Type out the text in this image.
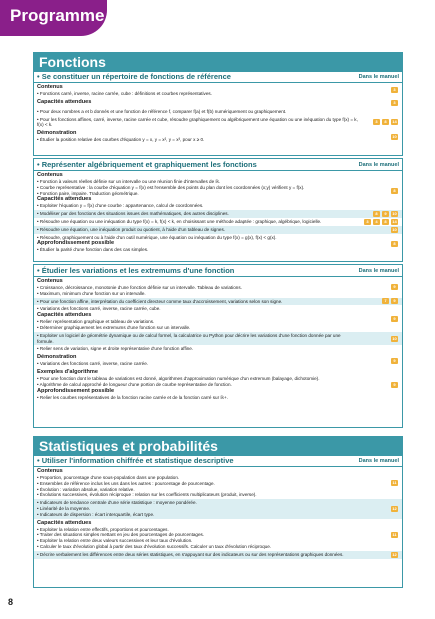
Programme
Fonctions
• Se constituer un répertoire de fonctions de référence	Dans le manuel
Contenus
• Fonctions carré, inverse, racine carrée, cube : définitions et courbes représentatives.
3
Capacités attendues	3
• Pour deux nombres a et b donnés et une fonction de référence f, comparer f(a) et f(b) numériquement ou graphiquement.
• Pour les fonctions affines, carré, inverse, racine carrée et cube, résoudre graphiquement ou algébriquement une équation ou une inéquation du type f(x) = k, f(x) < k.
3	8	14
Démonstration
• Étudier la position relative des courbes d'équation y = x, y = x², y = x³, pour x ≥ 0.
10
• Représenter algébriquement et graphiquement les fonctions	Dans le manuel
Contenus
• Fonction à valeurs réelles définie sur un intervalle ou une réunion finie d'intervalles de ℝ.
• Courbe représentative : la courbe d'équation y = f(x) est l'ensemble des points du plan dont les coordonnées (x;y) vérifient y = f(x).
• Fonction paire, impaire. Traduction géométrique.
Capacités attendues
• Exploiter l'équation y = f(x) d'une courbe : appartenance, calcul de coordonnées.
8
• Modéliser par des fonctions des situations issues des mathématiques, des autres disciplines.	8	9	10
• Résoudre une équation ou une inéquation du type f(x) = k, f(x) < k, en choisissant une méthode adaptée : graphique, algébrique, logicielle.	3	4	8	14
• Résoudre une équation, une inéquation produit ou quotient, à l'aide d'un tableau de signes.	10
• Résoudre, graphiquement ou à l'aide d'un outil numérique, une équation ou inéquation du type f(x) = g(x), f(x) < g(x).
Approfondissement possible
• Étudier la parité d'une fonction dans des cas simples.
8
• Étudier les variations et les extremums d'une fonction	Dans le manuel
Contenus
• Croissance, décroissance, monotonie d'une fonction définie sur un intervalle. Tableau de variations.
• Maximum, minimum d'une fonction sur un intervalle.
9
• Pour une fonction affine, interprétation du coefficient directeur comme taux d'accroissement, variations selon son signe.	7	9
• Variations des fonctions carré, inverse, racine carrée, cube.
Capacités attendues
• Relier représentation graphique et tableau de variations.
• Déterminer graphiquement les extremums d'une fonction sur un intervalle.
9
• Exploiter un logiciel de géométrie dynamique ou de calcul formel, la calculatrice ou Python pour décrire les variations d'une fonction donnée par une formule.
10
• Relier sens de variation, signe et droite représentative d'une fonction affine.
Démonstration
• Variations des fonctions carré, inverse, racine carrée.
9
Exemples d'algorithme
• Pour une fonction dont le tableau de variations est donné, algorithmes d'approximation numérique d'un extremum (balayage, dichotomie).
• Algorithme de calcul approché de longueur d'une portion de courbe représentative de fonction.
Approfondissement possible
• Relier les courbes représentatives de la fonction racine carrée et de la fonction carré sur ℝ+.
9
Statistiques et probabilités
• Utiliser l'information chiffrée et statistique descriptive	Dans le manuel
Contenus
• Proportion, pourcentage d'une sous-population dans une population.
• Ensembles de référence inclus les uns dans les autres : pourcentage de pourcentage.
• Évolution : variation absolue, variation relative.
• Évolutions successives, évolution réciproque : relation sur les coefficients multiplicateurs (produit, inverse).
11
• Indicateurs de tendance centrale d'une série statistique : moyenne pondérée.
• Linéarité de la moyenne.
• Indicateurs de dispersion : écart interquartile, écart type.
12
Capacités attendues
• Exploiter la relation entre effectifs, proportions et pourcentages.
• Traiter des situations simples mettant en jeu des pourcentages de pourcentages.
• Exploiter la relation entre deux valeurs successives et leur taux d'évolution.
• Calculer le taux d'évolution global à partir des taux d'évolution successifs. Calculer un taux d'évolution réciproque.
11
• Décrire verbalement les différences entre deux séries statistiques, en s'appuyant sur des indicateurs ou sur des représentations graphiques données.	12
8
